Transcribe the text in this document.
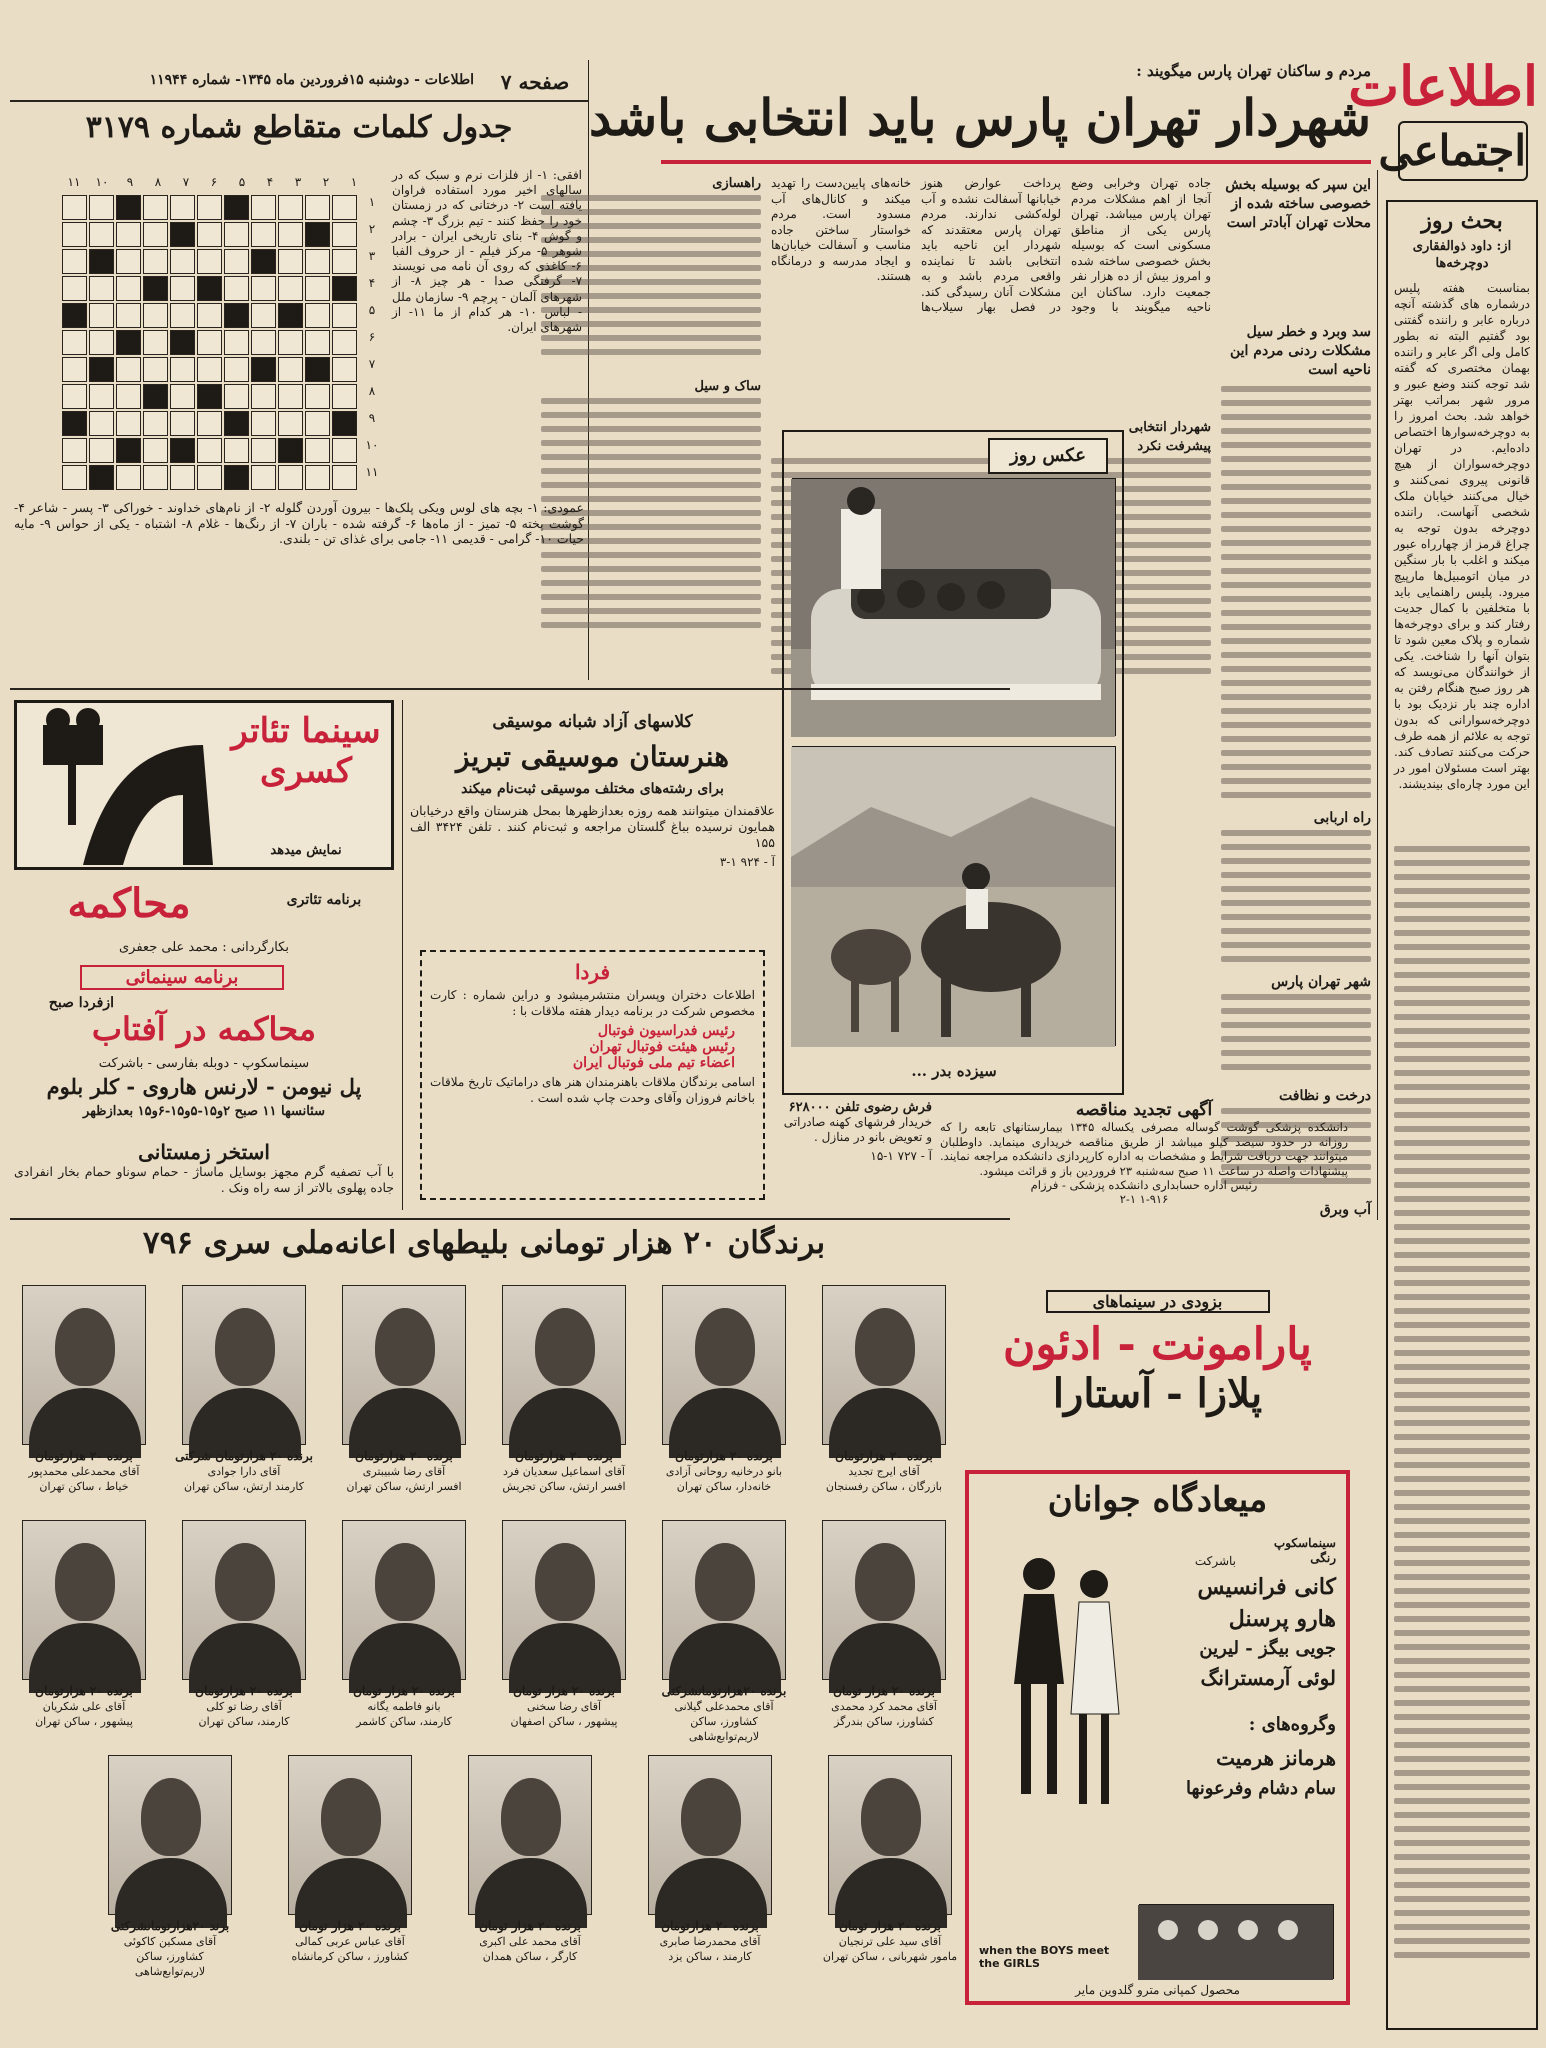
اطلاعات
اجتماعی
مردم و ساکنان تهران پارس میگویند :
شهردار تهران پارس باید انتخابی باشد
صفحه ۷
اطلاعات - دوشنبه ۱۵فروردین ماه ۱۳۴۵- شماره ۱۱۹۴۴
بحث روز
از: داود ذوالفقاری دوچرخه‌ها
بمناسبت هفته پلیس درشماره های گذشته آنچه درباره عابر و راننده گفتنی بود گفتیم البته نه بطور کامل ولی اگر عابر و راننده بهمان مختصری که گفته شد توجه کنند وضع عبور و مرور شهر بمراتب بهتر خواهد شد. بحث امروز را به دوچرخه‌سوارها اختصاص داده‌ایم. در تهران دوچرخه‌سواران از هیچ قانونی پیروی نمی‌کنند و خیال می‌کنند خیابان ملک شخصی آنهاست. راننده دوچرخه بدون توجه به چراغ قرمز از چهارراه عبور میکند و اغلب با بار سنگین در میان اتومبیل‌ها مارپیچ میرود. پلیس راهنمایی باید با متخلفین با کمال جدیت رفتار کند و برای دوچرخه‌ها شماره و پلاک معین شود تا بتوان آنها را شناخت. یکی از خوانندگان می‌نویسد که هر روز صبح هنگام رفتن به اداره چند بار نزدیک بود با دوچرخه‌سوارانی که بدون توجه به علائم از همه طرف حرکت می‌کنند تصادف کند. بهتر است مسئولان امور در این مورد چاره‌ای بیندیشند.
این سپر که بوسیله بخش خصوصی ساخته شده از محلات تهران آبادتر است
سد وبرد و خطر سیل مشکلات ردنی مردم این ناحیه است
راه اربابی
شهر تهران پارس
درخت و نظافت
آب وبرق
جاده تهران وخرابی وضع آنجا از اهم مشکلات مردم تهران پارس میباشد. تهران پارس یکی از مناطق مسکونی است که بوسیله بخش خصوصی ساخته شده و امروز بیش از ده هزار نفر جمعیت دارد. ساکنان این ناحیه میگویند با وجود پرداخت عوارض هنوز خیابانها آسفالت نشده و آب لوله‌کشی ندارند. مردم تهران پارس معتقدند که شهردار این ناحیه باید انتخابی باشد تا نماینده واقعی مردم باشد و به مشکلات آنان رسیدگی کند. در فصل بهار سیلاب‌ها خانه‌های پایین‌دست را تهدید میکند و کانال‌های آب مسدود است. مردم خواستار ساختن جاده مناسب و آسفالت خیابان‌ها و ایجاد مدرسه و درمانگاه هستند.
راهسازی
ساک و سیل
شهردار انتخابی
پیشرفت نکرد
عکس روز
سیزده بدر ...
جدول کلمات متقاطع شماره ۳۱۷۹
۱۱	۱۰	۹	۸	۷	۶	۵	۴	۳	۲	۱
۱
۲
۳
۴
۵
۶
۷
۸
۹
۱۰
۱۱
افقی: ۱- از فلزات نرم و سبک که در سالهای اخیر مورد استفاده فراوان یافته است ۲- درختانی که در زمستان خود را حفظ کنند - تیم بزرگ ۳- چشم و گوش ۴- بنای تاریخی ایران - برادر شوهر ۵- مرکز فیلم - از حروف الفبا ۶- کاغذی که روی آن نامه می نویسند ۷- گرفتگی صدا - هر چیز ۸- از شهرهای آلمان - پرچم ۹- سازمان ملل - لباس ۱۰- هر کدام از ما ۱۱- از شهرهای ایران.
عمودی: ۱- بچه های لوس ویکی پلک‌ها - بیرون آوردن گلوله ۲- از نام‌های خداوند - خوراکی ۳- پسر - شاعر ۴- گوشت پخته ۵- تمیز - از ماه‌ها ۶- گرفته شده - باران ۷- از رنگ‌ها - غلام ۸- اشتباه - یکی از حواس ۹- مایه حیات ۱۰- گرامی - قدیمی ۱۱- جامی برای غذای تن - بلندی.
سینما تئاتر کسری
نمایش میدهد
محاکمه	برنامه تئاتری
بکارگردانی : محمد علی جعفری
برنامه سینمائی
ازفردا صبح
محاکمه در آفتاب
سینماسکوپ - دوبله بفارسی - باشرکت
پل نیومن - لارنس هاروی - کلر بلوم
سئانسها ۱۱ صبح ۲و۱۵-۵و۱۵-۶و۱۵ بعدازظهر
استخر زمستانی
با آب تصفیه گرم مجهز بوسایل ماساژ - حمام سوناو حمام بخار انفرادی جاده پهلوی بالاتر از سه راه ونک .
کلاسهای آزاد شبانه موسیقی
هنرستان موسیقی تبریز
برای رشته‌های مختلف موسیقی ثبت‌نام میکند
علاقمندان میتوانند همه روزه بعدازظهرها بمحل هنرستان واقع درخیابان همایون نرسیده بباغ گلستان مراجعه و ثبت‌نام کنند . تلفن ۳۴۲۴ الف ۱۵۵
آ - ۹۲۴ ۱-۳
فردا
اطلاعات دختران وپسران منتشرمیشود و دراین شماره : کارت مخصوص شرکت در برنامه دیدار هفته ملاقات با :
رئیس فدراسیون فوتبال
رئیس هیئت فوتبال تهران
اعضاء تیم ملی فوتبال ایران
اسامی برندگان ملاقات باهنرمندان هنر های دراماتیک تاریخ ملاقات باخانم فروزان وآقای وحدت چاپ شده است .
فرش رضوی تلفن ۶۲۸۰۰۰
خریدار فرشهای کهنه صادراتی و تعویض بانو در منازل .
آ - ۷۲۷ ۱-۱۵
آگهی تجدید مناقصه
دانشکده پزشکی گوشت گوساله مصرفی یکساله ۱۳۴۵ بیمارستانهای تابعه را که روزانه در حدود سیصد کیلو میباشد از طریق مناقصه خریداری مینماید. داوطلبان میتوانند جهت دریافت شرایط و مشخصات به اداره کارپردازی دانشکده مراجعه نمایند. پیشنهادات واصله در ساعت ۱۱ صبح سه‌شنبه ۲۳ فروردین باز و قرائت میشود.
رئیس اداره حسابداری دانشکده پزشکی - فرزام
۱-۹۱۶ ۲-۱
بزودی در سینماهای
پارامونت - ادئون
پلازا - آستارا
میعادگاه جوانان
سینماسکوپ رنگی
باشرکت
کانی فرانسیس
هارو پرسنل
جویی بیگز - لیرین
لوئی آرمسترانگ
وگروه‌های :
هرمانز هرمیت
سام دشام وفرعونها
when the BOYS meet the GIRLS
محصول کمپانی مترو گلدوین مایر
برندگان ۲۰ هزار تومانی بلیطهای اعانه‌ملی سری ۷۹۶
برنده ۲۰ هزارتومان
آقای محمدعلی محمدپور
خیاط ، ساکن تهران
برنده ۲۰ هزارتومان شرکتی
آقای دارا جوادی
کارمند ارتش، ساکن تهران
برنده ۲۰ هزارتومان
آقای رضا شبیبتری
افسر ارتش، ساکن تهران
برنده ۲۰ هزارتومان
آقای اسماعیل سعدیان فرد
افسر ارتش، ساکن تجریش
برنده ۲۰ هزارتومان
بانو درخانیه روحانی آزادی
خانه‌دار، ساکن تهران
برنده ۲۰ هزارتومان
آقای ایرج تجدید
بازرگان ، ساکن رفسنجان
برنده ۲۰ هزارتومان
آقای علی شکریان
پیشهور ، ساکن تهران
برنده ۲۰ هزارتومان
آقای رضا تو کلی
کارمند، ساکن تهران
برنده ۲۰ هزار تومان
بانو فاطمه یگانه
کارمند، ساکن کاشمر
برنده ۲۰ هزار تومان
آقای رضا سخنی
پیشهور ، ساکن اصفهان
برنده ۲۰هزارتومانشرکتی
آقای محمدعلی گیلانی
کشاورز، ساکن لاریم‌توابع‌شاهی
برنده ۲۰ هزار تومان
آقای محمد کرد محمدی
کشاورز، ساکن بندرگز
برند ۲۰هزارتومانشرکتی
آقای مسکین کاکوئی
کشاورز، ساکن لاریم‌توابع‌شاهی
برنده ۲۰ هزار تومان
آقای عباس عربی کمالی
کشاورز ، ساکن کرمانشاه
برنده ۲۰ هزار تومان
آقای محمد علی اکبری
کارگر ، ساکن همدان
برنده ۲۰ هزارتومان
آقای محمدرضا صابری
کارمند ، ساکن یزد
برنده ۲۰ هزار تومان
آقای سید علی ترنجیان
مامور شهربانی ، ساکن تهران
